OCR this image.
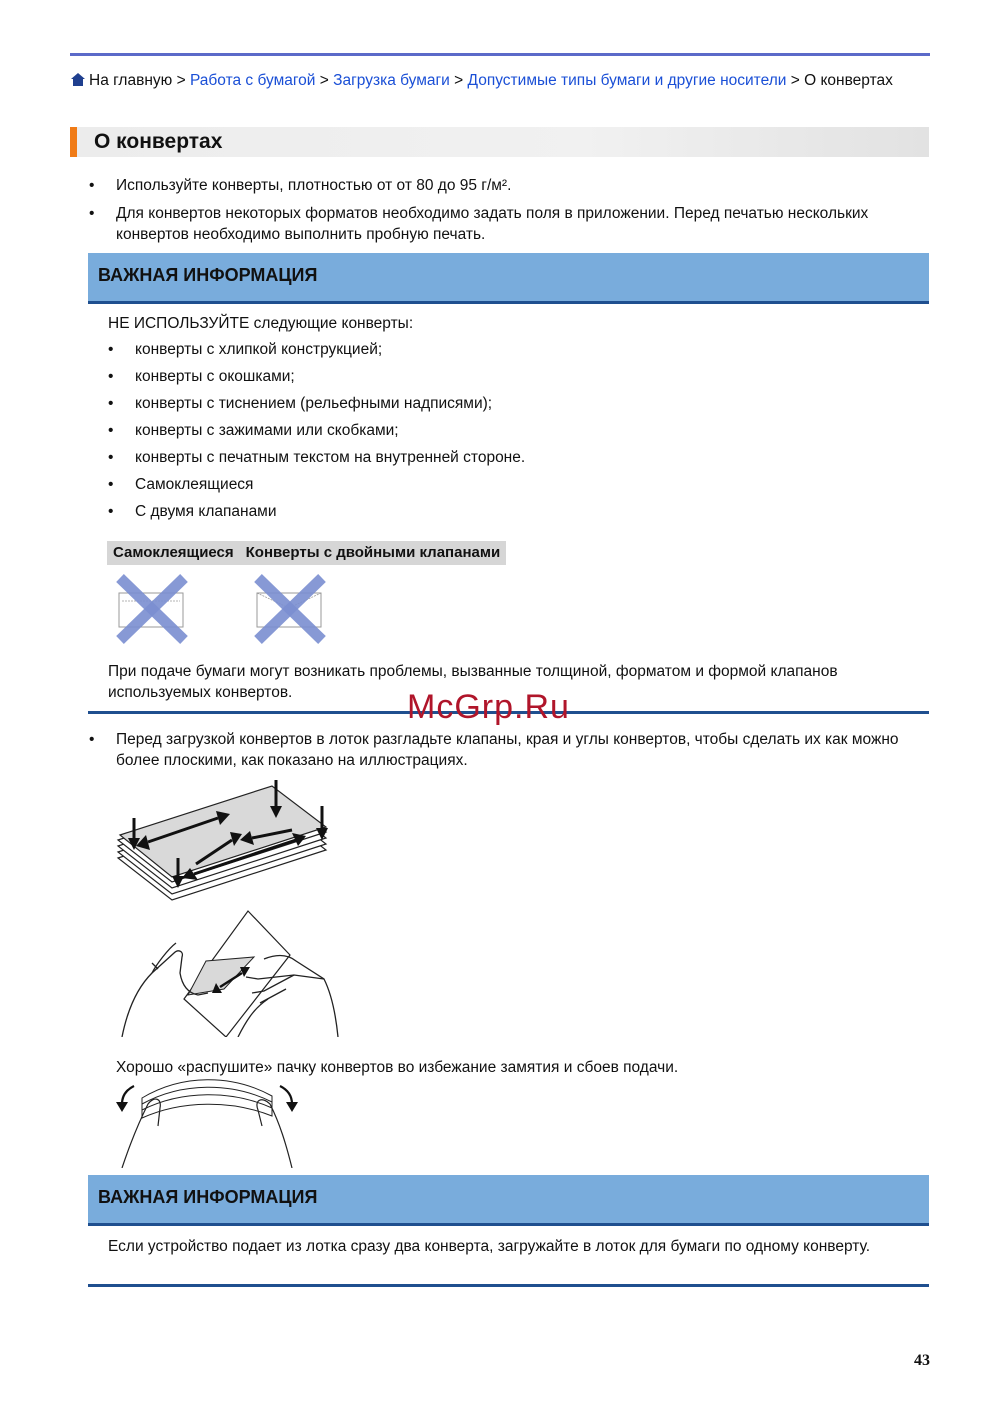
На главную > Работа с бумагой > Загрузка бумаги > Допустимые типы бумаги и другие носители > О конвертах
О конвертах
• Используйте конверты, плотностью от от 80 до 95 г/м².
• Для конвертов некоторых форматов необходимо задать поля в приложении. Перед печатью нескольких конвертов необходимо выполнить пробную печать.
ВАЖНАЯ ИНФОРМАЦИЯ
НЕ ИСПОЛЬЗУЙТЕ следующие конверты:
• конверты с хлипкой конструкцией;
• конверты с окошками;
• конверты с тиснением (рельефными надписями);
• конверты с зажимами или скобками;
• конверты с печатным текстом на внутренней стороне.
• Самоклеящиеся
• С двумя клапанами
Самоклеящиеся Конверты с двойными клапанами
При подаче бумаги могут возникать проблемы, вызванные толщиной, форматом и формой клапанов используемых конвертов.	McGrp.Ru
• Перед загрузкой конвертов в лоток разгладьте клапаны, края и углы конвертов, чтобы сделать их как можно более плоскими, как показано на иллюстрациях.
Хорошо «распушите» пачку конвертов во избежание замятия и сбоев подачи.
ВАЖНАЯ ИНФОРМАЦИЯ
Если устройство подает из лотка сразу два конверта, загружайте в лоток для бумаги по одному конверту.
43
